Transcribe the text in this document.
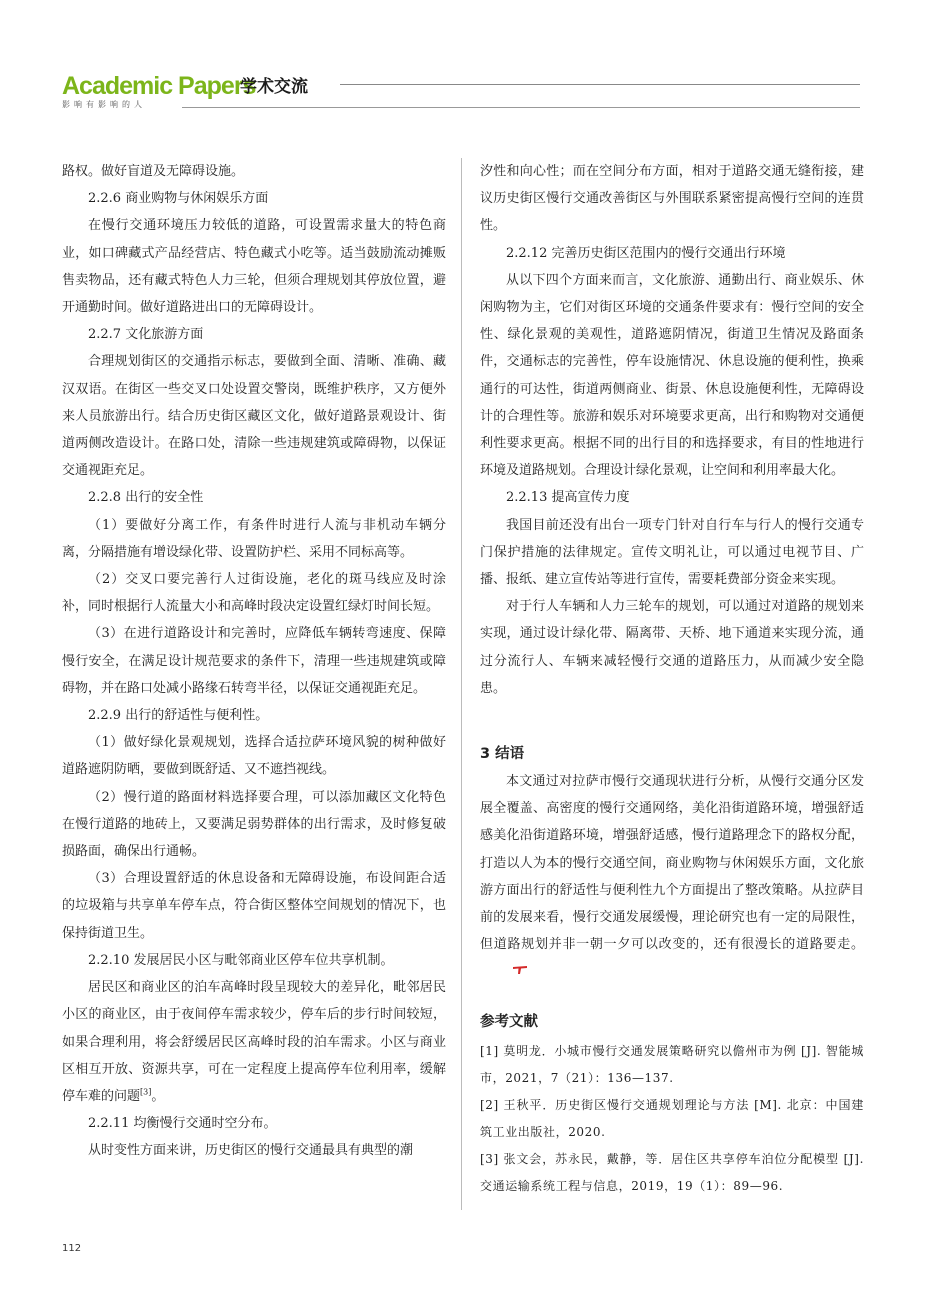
Academic Papers
学术交流
影响有影响的人

路权。做好盲道及无障碍设施。

2.2.6 商业购物与休闲娱乐方面

在慢行交通环境压力较低的道路，可设置需求量大的特色商业，如口碑藏式产品经营店、特色藏式小吃等。适当鼓励流动摊贩售卖物品，还有藏式特色人力三轮，但须合理规划其停放位置，避开通勤时间。做好道路进出口的无障碍设计。

2.2.7 文化旅游方面

合理规划街区的交通指示标志，要做到全面、清晰、准确、藏汉双语。在街区一些交叉口处设置交警岗，既维护秩序，又方便外来人员旅游出行。结合历史街区藏区文化，做好道路景观设计、街道两侧改造设计。在路口处，清除一些违规建筑或障碍物，以保证交通视距充足。

2.2.8 出行的安全性

（1）要做好分离工作，有条件时进行人流与非机动车辆分离，分隔措施有增设绿化带、设置防护栏、采用不同标高等。

（2）交叉口要完善行人过街设施，老化的斑马线应及时涂补，同时根据行人流量大小和高峰时段决定设置红绿灯时间长短。

（3）在进行道路设计和完善时，应降低车辆转弯速度、保障慢行安全，在满足设计规范要求的条件下，清理一些违规建筑或障碍物，并在路口处减小路缘石转弯半径，以保证交通视距充足。

2.2.9 出行的舒适性与便利性。

（1）做好绿化景观规划，选择合适拉萨环境风貌的树种做好道路遮阴防晒，要做到既舒适、又不遮挡视线。

（2）慢行道的路面材料选择要合理，可以添加藏区文化特色在慢行道路的地砖上，又要满足弱势群体的出行需求，及时修复破损路面，确保出行通畅。

（3）合理设置舒适的休息设备和无障碍设施，布设间距合适的垃圾箱与共享单车停车点，符合街区整体空间规划的情况下，也保持街道卫生。

2.2.10 发展居民小区与毗邻商业区停车位共享机制。

居民区和商业区的泊车高峰时段呈现较大的差异化，毗邻居民小区的商业区，由于夜间停车需求较少，停车后的步行时间较短，如果合理利用，将会舒缓居民区高峰时段的泊车需求。小区与商业区相互开放、资源共享，可在一定程度上提高停车位利用率，缓解停车难的问题[3]。

2.2.11 均衡慢行交通时空分布。

从时变性方面来讲，历史街区的慢行交通最具有典型的潮

汐性和向心性；而在空间分布方面，相对于道路交通无缝衔接，建议历史街区慢行交通改善街区与外围联系紧密提高慢行空间的连贯性。

2.2.12 完善历史街区范围内的慢行交通出行环境

从以下四个方面来而言，文化旅游、通勤出行、商业娱乐、休闲购物为主，它们对街区环境的交通条件要求有：慢行空间的安全性、绿化景观的美观性，道路遮阴情况，街道卫生情况及路面条件，交通标志的完善性，停车设施情况、休息设施的便利性，换乘通行的可达性，街道两侧商业、街景、休息设施便利性，无障碍设计的合理性等。旅游和娱乐对环境要求更高，出行和购物对交通便利性要求更高。根据不同的出行目的和选择要求，有目的性地进行环境及道路规划。合理设计绿化景观，让空间和利用率最大化。

2.2.13 提高宣传力度

我国目前还没有出台一项专门针对自行车与行人的慢行交通专门保护措施的法律规定。宣传文明礼让，可以通过电视节目、广播、报纸、建立宣传站等进行宣传，需要耗费部分资金来实现。

对于行人车辆和人力三轮车的规划，可以通过对道路的规划来实现，通过设计绿化带、隔离带、天桥、地下通道来实现分流，通过分流行人、车辆来减轻慢行交通的道路压力，从而减少安全隐患。

3 结语

本文通过对拉萨市慢行交通现状进行分析，从慢行交通分区发展全覆盖、高密度的慢行交通网络，美化沿街道路环境，增强舒适感美化沿街道路环境，增强舒适感，慢行道路理念下的路权分配，打造以人为本的慢行交通空间，商业购物与休闲娱乐方面，文化旅游方面出行的舒适性与便利性九个方面提出了整改策略。从拉萨目前的发展来看，慢行交通发展缓慢，理论研究也有一定的局限性，但道路规划并非一朝一夕可以改变的，还有很漫长的道路要走。

参考文献

[1] 莫明龙．小城市慢行交通发展策略研究以儋州市为例 [J]. 智能城市，2021，7（21）：136—137.

[2] 王秋平．历史街区慢行交通规划理论与方法 [M]. 北京：中国建筑工业出版社，2020.

[3] 张文会，苏永民，戴静，等．居住区共享停车泊位分配模型 [J]. 交通运输系统工程与信息，2019，19（1）：89—96.

112
